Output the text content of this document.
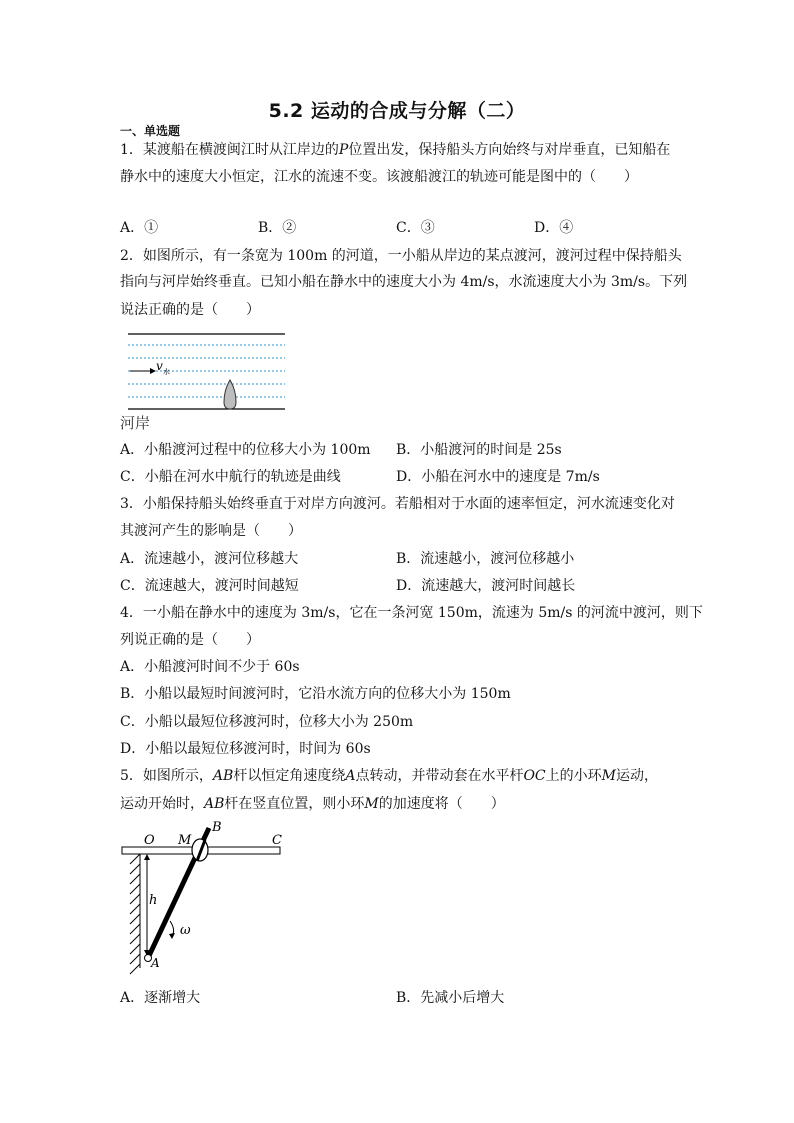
5.2 运动的合成与分解（二）
一、单选题
1．某渡船在横渡闽江时从江岸边的P位置出发，保持船头方向始终与对岸垂直，已知船在
静水中的速度大小恒定，江水的流速不变。该渡船渡江的轨迹可能是图中的（　　）
A．①	B．②	C．③	D．④
2．如图所示，有一条宽为 100m 的河道，一小船从岸边的某点渡河，渡河过程中保持船头
指向与河岸始终垂直。已知小船在静水中的速度大小为 4m/s，水流速度大小为 3m/s。下列
说法正确的是（　　）
v 水
河岸
A．小船渡河过程中的位移大小为 100m B．小船渡河的时间是 25s
C．小船在河水中航行的轨迹是曲线	D．小船在河水中的速度是 7m/s
3．小船保持船头始终垂直于对岸方向渡河。若船相对于水面的速率恒定，河水流速变化对
其渡河产生的影响是（　　）
A．流速越小，渡河位移越大	B．流速越小，渡河位移越小
C．流速越大，渡河时间越短	D．流速越大，渡河时间越长
4．一小船在静水中的速度为 3m/s，它在一条河宽 150m，流速为 5m/s 的河流中渡河，则下
列说正确的是（　　）
A．小船渡河时间不少于 60s
B．小船以最短时间渡河时，它沿水流方向的位移大小为 150m
C．小船以最短位移渡河时，位移大小为 250m
D．小船以最短位移渡河时，时间为 60s
5．如图所示，AB杆以恒定角速度绕A点转动，并带动套在水平杆OC上的小环M运动，
运动开始时，AB杆在竖直位置，则小环M的加速度将（　　）
O M
B
C
h
ω
A
A．逐渐增大	B．先减小后增大
